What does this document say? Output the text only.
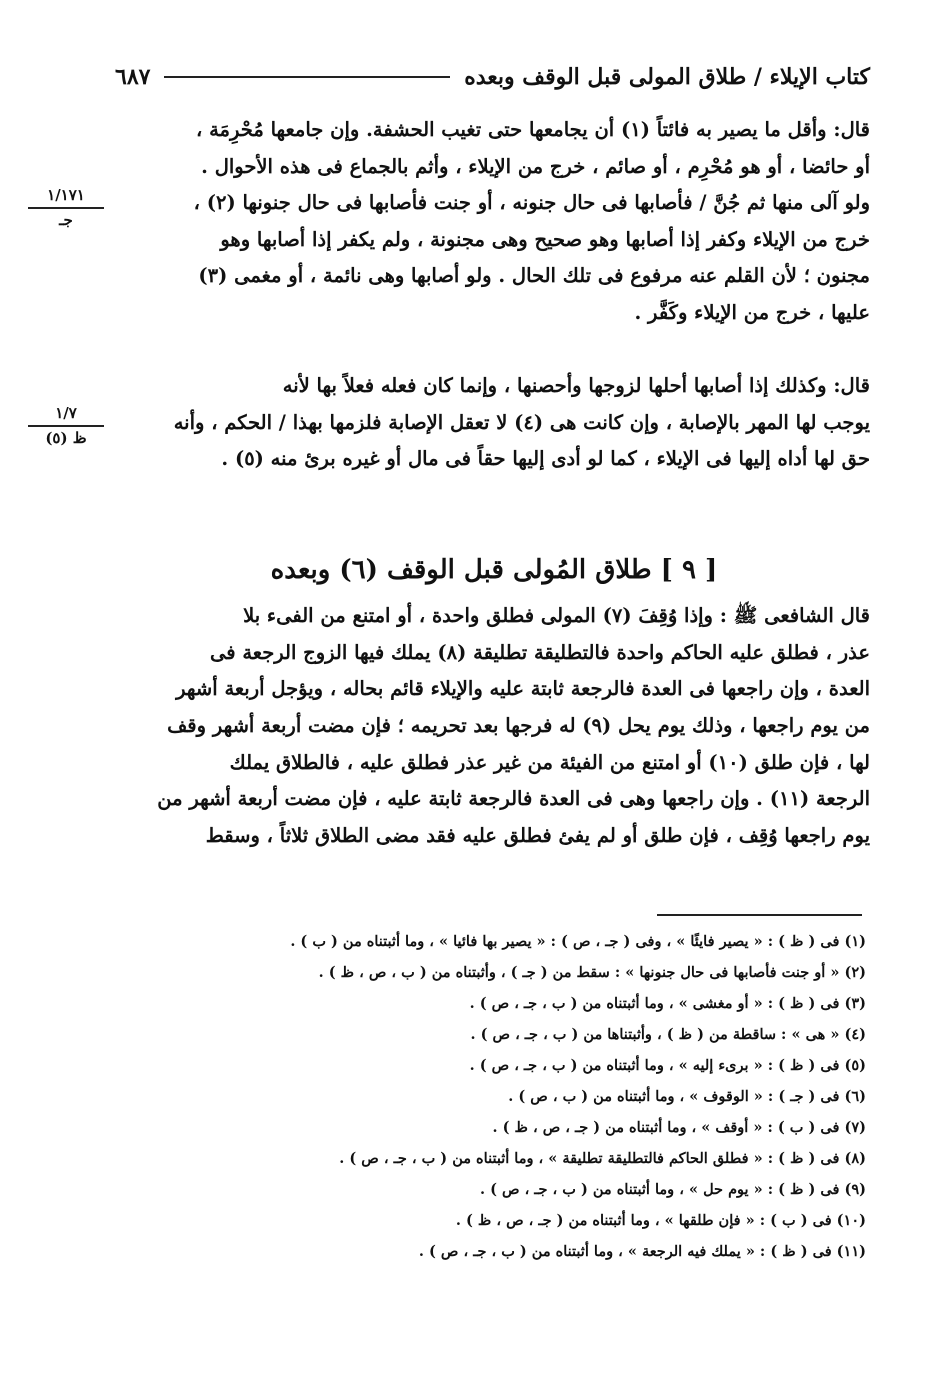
كتاب الإيلاء / طلاق المولى قبل الوقف وبعده
٦٨٧
١/١٧١
جـ
١/٧
ظ (٥)

قال: وأقل ما يصير به فائتاً (١) أن يجامعها حتى تغيب الحشفة. وإن جامعها مُحْرِمَة ،
أو حائضا ، أو هو مُحْرِم ، أو صائم ، خرج من الإيلاء ، وأثم بالجماع فى هذه الأحوال .
ولو آلى منها ثم جُنَّ / فأصابها فى حال جنونه ، أو جنت فأصابها فى حال جنونها (٢) ،
خرج من الإيلاء وكفر إذا أصابها وهو صحيح وهى مجنونة ، ولم يكفر إذا أصابها وهو
مجنون ؛ لأن القلم عنه مرفوع فى تلك الحال . ولو أصابها وهى نائمة ، أو مغمى (٣)
عليها ، خرج من الإيلاء وكَفَّر .

قال: وكذلك إذا أصابها أحلها لزوجها وأحصنها ، وإنما كان فعله فعلاً بها لأنه
يوجب لها المهر بالإصابة ، وإن كانت هى (٤) لا تعقل الإصابة فلزمها بهذا / الحكم ، وأنه
حق لها أداه إليها فى الإيلاء ، كما لو أدى إليها حقاً فى مال أو غيره برئ منه (٥) .

[ ٩ ] طلاق المُولى قبل الوقف (٦) وبعده

قال الشافعى ﷺ : وإذا وُقِفَ (٧) المولى فطلق واحدة ، أو امتنع من الفىء بلا
عذر ، فطلق عليه الحاكم واحدة فالتطليقة تطليقة (٨) يملك فيها الزوج الرجعة فى
العدة ، وإن راجعها فى العدة فالرجعة ثابتة عليه والإيلاء قائم بحاله ، ويؤجل أربعة أشهر
من يوم راجعها ، وذلك يوم يحل (٩) له فرجها بعد تحريمه ؛ فإن مضت أربعة أشهر وقف
لها ، فإن طلق (١٠) أو امتنع من الفيئة من غير عذر فطلق عليه ، فالطلاق يملك
الرجعة (١١) . وإن راجعها وهى فى العدة فالرجعة ثابتة عليه ، فإن مضت أربعة أشهر من
يوم راجعها وُقِف ، فإن طلق أو لم يفئ فطلق عليه فقد مضى الطلاق ثلاثاً ، وسقط

(١) فى ( ظ ) : « يصير فايئًا » ، وفى ( جـ ، ص ) : « يصير بها فائيا » ، وما أثبتناه من ( ب ) .
(٢) « أو جنت فأصابها فى حال جنونها » : سقط من ( جـ ) ، وأثبتناه من ( ب ، ص ، ظ ) .
(٣) فى ( ظ ) : « أو مغشى » ، وما أثبتناه من ( ب ، جـ ، ص ) .
(٤) « هى » : ساقطة من ( ظ ) ، وأثبتناها من ( ب ، جـ ، ص ) .
(٥) فى ( ظ ) : « برىء إليه » ، وما أثبتناه من ( ب ، جـ ، ص ) .
(٦) فى ( جـ ) : « الوقوف » ، وما أثبتناه من ( ب ، ص ) .
(٧) فى ( ب ) : « أوقف » ، وما أثبتناه من ( جـ ، ص ، ظ ) .
(٨) فى ( ظ ) : « فطلق الحاكم فالتطليقة تطليقة » ، وما أثبتناه من ( ب ، جـ ، ص ) .
(٩) فى ( ظ ) : « يوم حل » ، وما أثبتناه من ( ب ، جـ ، ص ) .
(١٠) فى ( ب ) : « فإن طلقها » ، وما أثبتناه من ( جـ ، ص ، ظ ) .
(١١) فى ( ظ ) : « يملك فيه الرجعة » ، وما أثبتناه من ( ب ، جـ ، ص ) .
